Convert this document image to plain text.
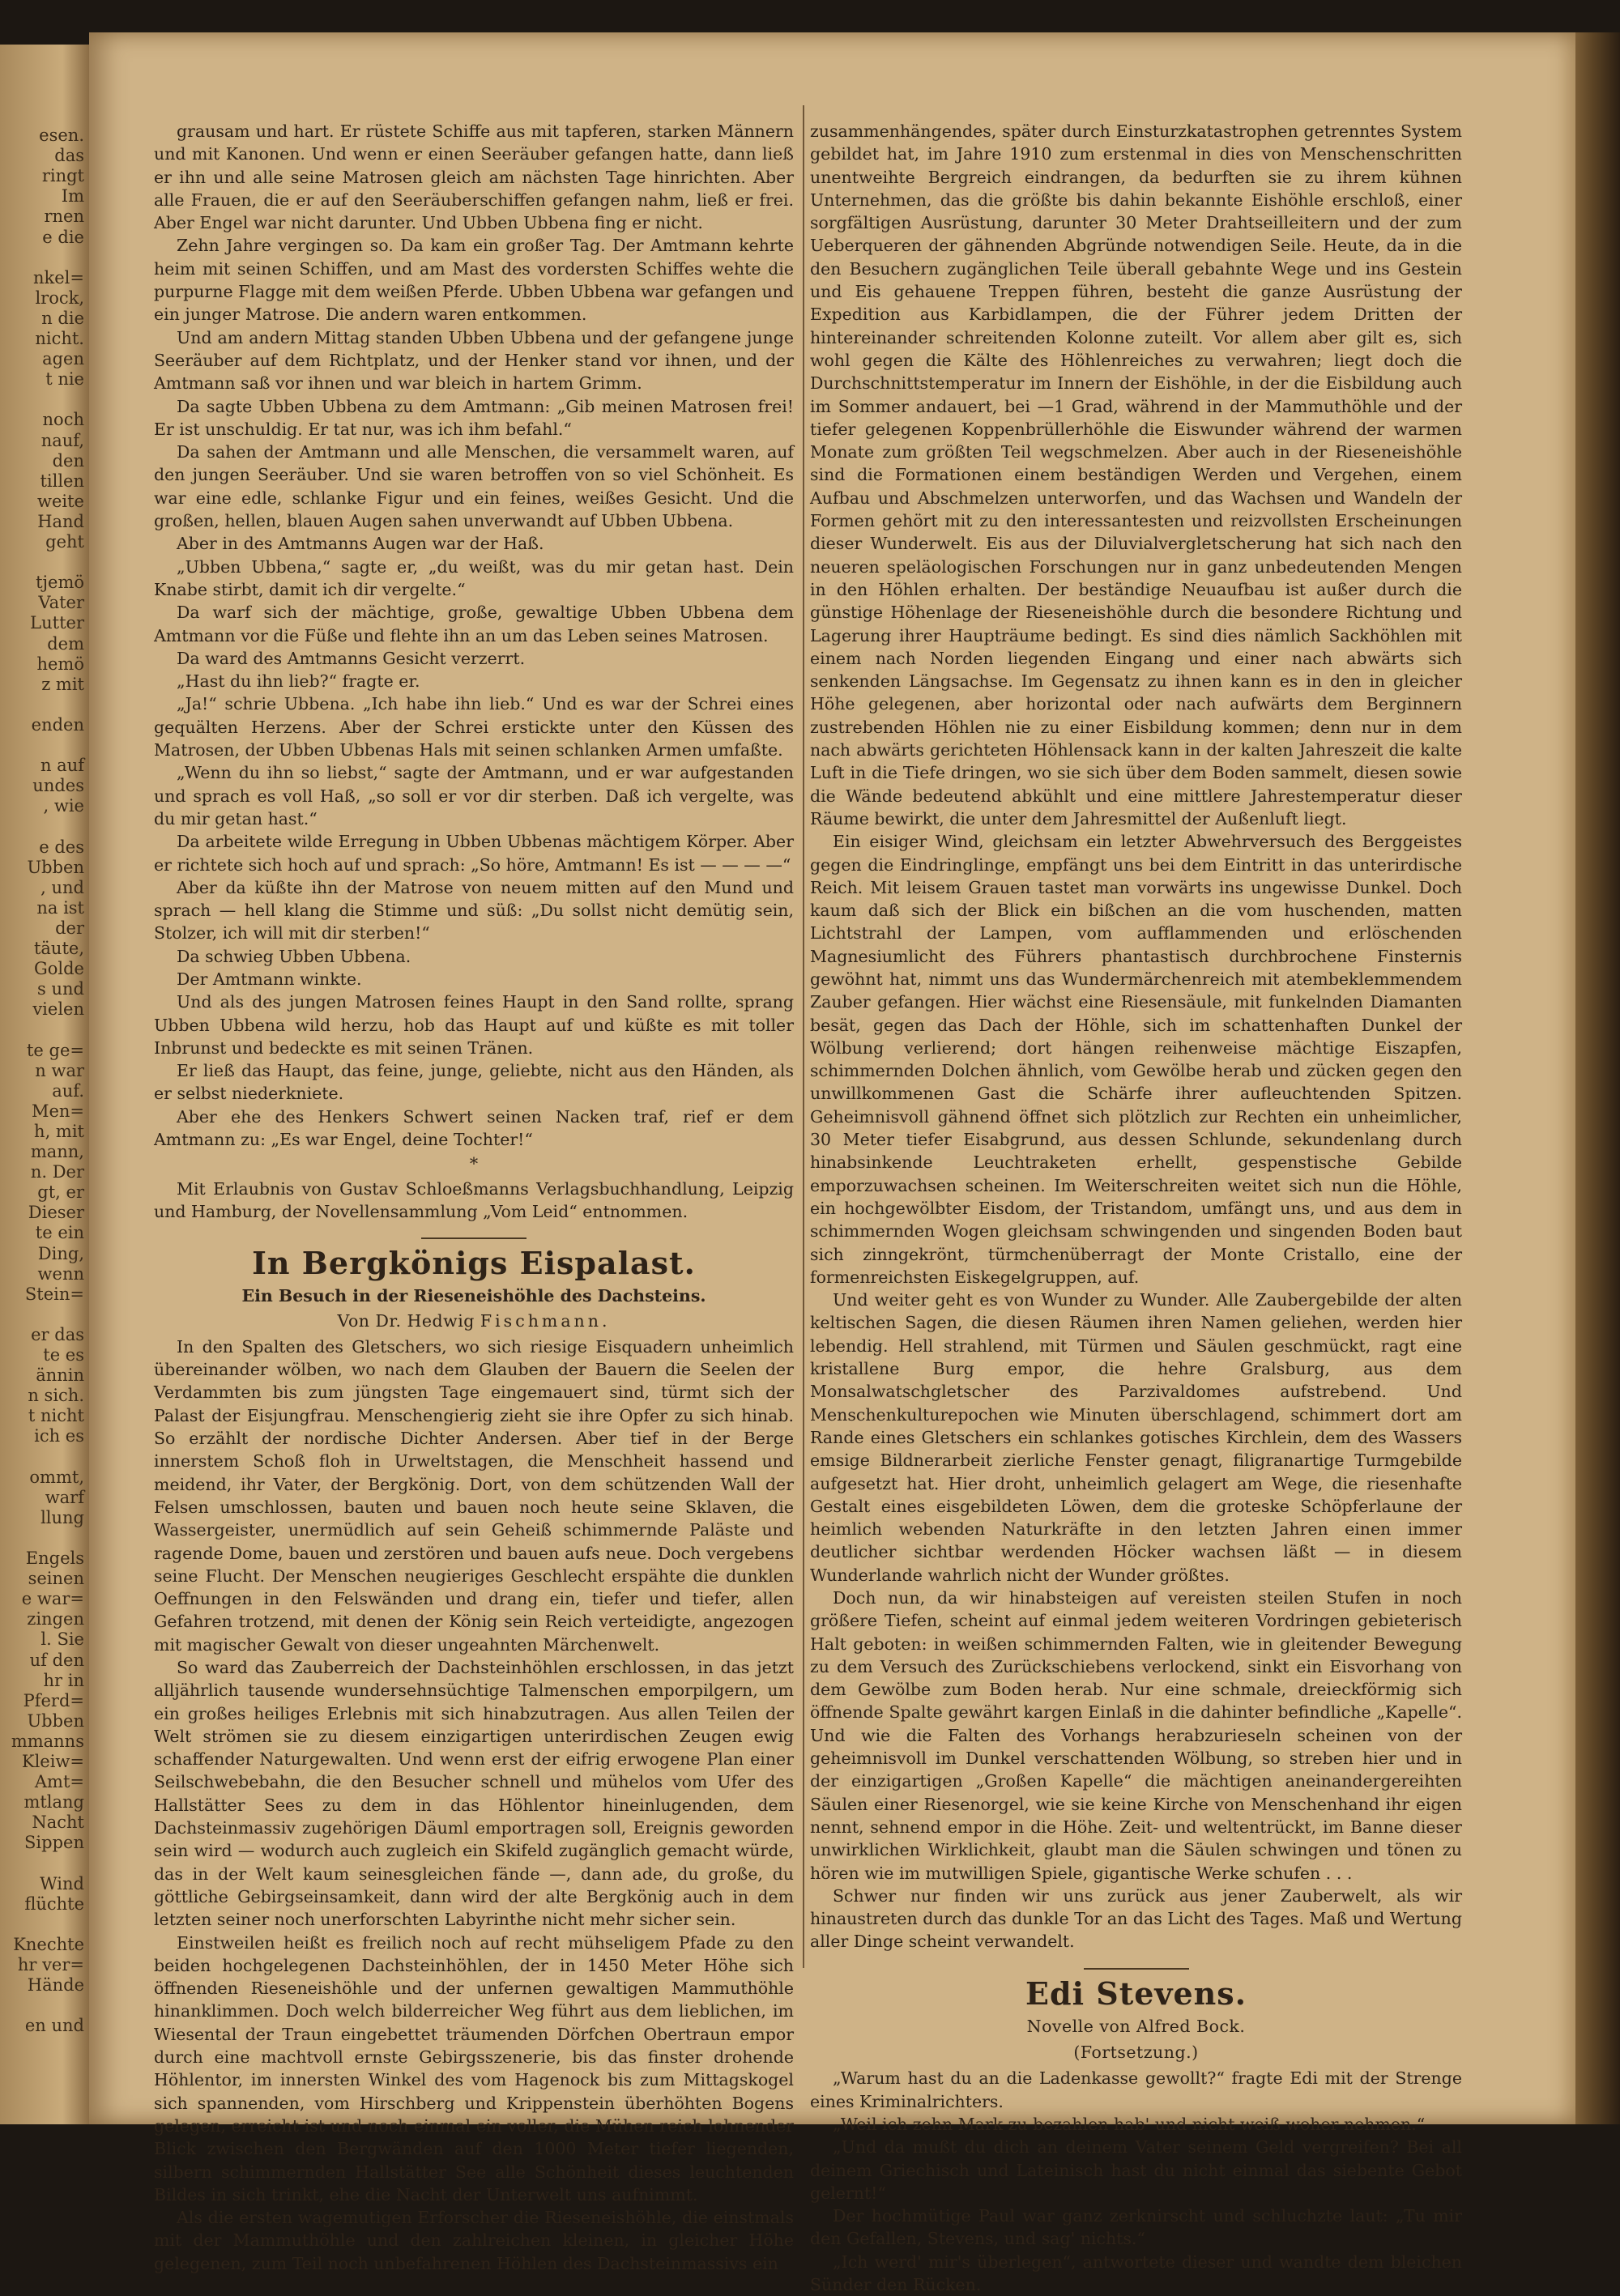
esen.
das
ringt
Im
rnen
e die
nkel=
lrock,
n die
nicht.
agen
t nie
noch
nauf,
den
tillen
weite
Hand
geht
tjemö
Vater
Lutter
dem
hemö
z mit
enden
n auf
undes
, wie
e des
Ubben
, und
na ist
der
täute,
Golde
s und
vielen
te ge=
n war
auf.
Men=
h, mit
mann,
n. Der
gt, er
Dieser
te ein
Ding,
wenn
Stein=
er das
te es
ännin
n sich.
t nicht
ich es
ommt,
warf
llung
Engels
seinen
e war=
zingen
l. Sie
uf den
hr in
Pferd=
Ubben
mmanns
Kleiw=
Amt=
mtlang
Nacht
Sippen
Wind
flüchte
Knechte
hr ver=
Hände
en und

grausam und hart. Er rüstete Schiffe aus mit tapferen, starken Männern und mit Kanonen. Und wenn er einen Seeräuber gefangen hatte, dann ließ er ihn und alle seine Matrosen gleich am nächsten Tage hinrichten. Aber alle Frauen, die er auf den Seeräuberschiffen gefangen nahm, ließ er frei. Aber Engel war nicht darunter. Und Ubben Ubbena fing er nicht.

Zehn Jahre vergingen so. Da kam ein großer Tag. Der Amtmann kehrte heim mit seinen Schiffen, und am Mast des vordersten Schiffes wehte die purpurne Flagge mit dem weißen Pferde. Ubben Ubbena war gefangen und ein junger Matrose. Die andern waren entkommen.

Und am andern Mittag standen Ubben Ubbena und der gefangene junge Seeräuber auf dem Richtplatz, und der Henker stand vor ihnen, und der Amtmann saß vor ihnen und war bleich in hartem Grimm.

Da sagte Ubben Ubbena zu dem Amtmann: „Gib meinen Matrosen frei! Er ist unschuldig. Er tat nur, was ich ihm befahl.“

Da sahen der Amtmann und alle Menschen, die versammelt waren, auf den jungen Seeräuber. Und sie waren betroffen von so viel Schönheit. Es war eine edle, schlanke Figur und ein feines, weißes Gesicht. Und die großen, hellen, blauen Augen sahen unverwandt auf Ubben Ubbena.

Aber in des Amtmanns Augen war der Haß.

„Ubben Ubbena,“ sagte er, „du weißt, was du mir getan hast. Dein Knabe stirbt, damit ich dir vergelte.“

Da warf sich der mächtige, große, gewaltige Ubben Ubbena dem Amtmann vor die Füße und flehte ihn an um das Leben seines Matrosen.

Da ward des Amtmanns Gesicht verzerrt.

„Hast du ihn lieb?“ fragte er.

„Ja!“ schrie Ubbena. „Ich habe ihn lieb.“ Und es war der Schrei eines gequälten Herzens. Aber der Schrei erstickte unter den Küssen des Matrosen, der Ubben Ubbenas Hals mit seinen schlanken Armen umfaßte.

„Wenn du ihn so liebst,“ sagte der Amtmann, und er war aufgestanden und sprach es voll Haß, „so soll er vor dir sterben. Daß ich vergelte, was du mir getan hast.“

Da arbeitete wilde Erregung in Ubben Ubbenas mächtigem Körper. Aber er richtete sich hoch auf und sprach: „So höre, Amtmann! Es ist — — — —“

Aber da küßte ihn der Matrose von neuem mitten auf den Mund und sprach — hell klang die Stimme und süß: „Du sollst nicht demütig sein, Stolzer, ich will mit dir sterben!“

Da schwieg Ubben Ubbena.

Der Amtmann winkte.

Und als des jungen Matrosen feines Haupt in den Sand rollte, sprang Ubben Ubbena wild herzu, hob das Haupt auf und küßte es mit toller Inbrunst und bedeckte es mit seinen Tränen.

Er ließ das Haupt, das feine, junge, geliebte, nicht aus den Händen, als er selbst niederkniete.

Aber ehe des Henkers Schwert seinen Nacken traf, rief er dem Amtmann zu: „Es war Engel, deine Tochter!“

*

Mit Erlaubnis von Gustav Schloeßmanns Verlagsbuchhandlung, Leipzig und Hamburg, der Novellensammlung „Vom Leid“ entnommen.

In Bergkönigs Eispalast.
Ein Besuch in der Rieseneishöhle des Dachsteins.
Von Dr. Hedwig Fischmann.

In den Spalten des Gletschers, wo sich riesige Eisquadern unheimlich übereinander wölben, wo nach dem Glauben der Bauern die Seelen der Verdammten bis zum jüngsten Tage eingemauert sind, türmt sich der Palast der Eisjungfrau. Menschengierig zieht sie ihre Opfer zu sich hinab. So erzählt der nordische Dichter Andersen. Aber tief in der Berge innerstem Schoß floh in Urweltstagen, die Menschheit hassend und meidend, ihr Vater, der Bergkönig. Dort, von dem schützenden Wall der Felsen umschlossen, bauten und bauen noch heute seine Sklaven, die Wassergeister, unermüdlich auf sein Geheiß schimmernde Paläste und ragende Dome, bauen und zerstören und bauen aufs neue. Doch vergebens seine Flucht. Der Menschen neugieriges Geschlecht erspähte die dunklen Oeffnungen in den Felswänden und drang ein, tiefer und tiefer, allen Gefahren trotzend, mit denen der König sein Reich verteidigte, angezogen mit magischer Gewalt von dieser ungeahnten Märchenwelt.

So ward das Zauberreich der Dachsteinhöhlen erschlossen, in das jetzt alljährlich tausende wundersehnsüchtige Talmenschen emporpilgern, um ein großes heiliges Erlebnis mit sich hinabzutragen. Aus allen Teilen der Welt strömen sie zu diesem einzigartigen unterirdischen Zeugen ewig schaffender Naturgewalten. Und wenn erst der eifrig erwogene Plan einer Seilschwebebahn, die den Besucher schnell und mühelos vom Ufer des Hallstätter Sees zu dem in das Höhlentor hineinlugenden, dem Dachsteinmassiv zugehörigen Däuml emportragen soll, Ereignis geworden sein wird — wodurch auch zugleich ein Skifeld zugänglich gemacht würde, das in der Welt kaum seinesgleichen fände —, dann ade, du große, du göttliche Gebirgseinsamkeit, dann wird der alte Bergkönig auch in dem letzten seiner noch unerforschten Labyrinthe nicht mehr sicher sein.

Einstweilen heißt es freilich noch auf recht mühseligem Pfade zu den beiden hochgelegenen Dachsteinhöhlen, der in 1450 Meter Höhe sich öffnenden Rieseneishöhle und der unfernen gewaltigen Mammuthöhle hinanklimmen. Doch welch bilderreicher Weg führt aus dem lieblichen, im Wiesental der Traun eingebettet träumenden Dörfchen Obertraun empor durch eine machtvoll ernste Gebirgsszenerie, bis das finster drohende Höhlentor, im innersten Winkel des vom Hagenock bis zum Mittagskogel sich spannenden, vom Hirschberg und Krippenstein überhöhten Bogens gelegen, erreicht ist und noch einmal ein voller, die Mühen reich lohnender Blick zwischen den Bergwänden auf den 1000 Meter tiefer liegenden, silbern schimmernden Hallstätter See alle Schönheit dieses leuchtenden Bildes in sich trinkt, ehe die Nacht der Unterwelt uns aufnimmt.

Als die ersten wagemutigen Erforscher die Rieseneishöhle, die einstmals mit der Mammuthöhle und den zahlreichen kleinen, in gleicher Höhe gelegenen, zum Teil noch unbefahrenen Höhlen des Dachsteinmassivs ein

zusammenhängendes, später durch Einsturzkatastrophen getrenntes System gebildet hat, im Jahre 1910 zum erstenmal in dies von Menschenschritten unentweihte Bergreich eindrangen, da bedurften sie zu ihrem kühnen Unternehmen, das die größte bis dahin bekannte Eishöhle erschloß, einer sorgfältigen Ausrüstung, darunter 30 Meter Drahtseilleitern und der zum Ueberqueren der gähnenden Abgründe notwendigen Seile. Heute, da in die den Besuchern zugänglichen Teile überall gebahnte Wege und ins Gestein und Eis gehauene Treppen führen, besteht die ganze Ausrüstung der Expedition aus Karbidlampen, die der Führer jedem Dritten der hintereinander schreitenden Kolonne zuteilt. Vor allem aber gilt es, sich wohl gegen die Kälte des Höhlenreiches zu verwahren; liegt doch die Durchschnittstemperatur im Innern der Eishöhle, in der die Eisbildung auch im Sommer andauert, bei —1 Grad, während in der Mammuthöhle und der tiefer gelegenen Koppenbrüllerhöhle die Eiswunder während der warmen Monate zum größten Teil wegschmelzen. Aber auch in der Rieseneishöhle sind die Formationen einem beständigen Werden und Vergehen, einem Aufbau und Abschmelzen unterworfen, und das Wachsen und Wandeln der Formen gehört mit zu den interessantesten und reizvollsten Erscheinungen dieser Wunderwelt. Eis aus der Diluvialvergletscherung hat sich nach den neueren speläologischen Forschungen nur in ganz unbedeutenden Mengen in den Höhlen erhalten. Der beständige Neuaufbau ist außer durch die günstige Höhenlage der Rieseneishöhle durch die besondere Richtung und Lagerung ihrer Haupträume bedingt. Es sind dies nämlich Sackhöhlen mit einem nach Norden liegenden Eingang und einer nach abwärts sich senkenden Längsachse. Im Gegensatz zu ihnen kann es in den in gleicher Höhe gelegenen, aber horizontal oder nach aufwärts dem Berginnern zustrebenden Höhlen nie zu einer Eisbildung kommen; denn nur in dem nach abwärts gerichteten Höhlensack kann in der kalten Jahreszeit die kalte Luft in die Tiefe dringen, wo sie sich über dem Boden sammelt, diesen sowie die Wände bedeutend abkühlt und eine mittlere Jahrestemperatur dieser Räume bewirkt, die unter dem Jahresmittel der Außenluft liegt.

Ein eisiger Wind, gleichsam ein letzter Abwehrversuch des Berggeistes gegen die Eindringlinge, empfängt uns bei dem Eintritt in das unterirdische Reich. Mit leisem Grauen tastet man vorwärts ins ungewisse Dunkel. Doch kaum daß sich der Blick ein bißchen an die vom huschenden, matten Lichtstrahl der Lampen, vom aufflammenden und erlöschenden Magnesiumlicht des Führers phantastisch durchbrochene Finsternis gewöhnt hat, nimmt uns das Wundermärchenreich mit atembeklemmendem Zauber gefangen. Hier wächst eine Riesensäule, mit funkelnden Diamanten besät, gegen das Dach der Höhle, sich im schattenhaften Dunkel der Wölbung verlierend; dort hängen reihenweise mächtige Eiszapfen, schimmernden Dolchen ähnlich, vom Gewölbe herab und zücken gegen den unwillkommenen Gast die Schärfe ihrer aufleuchtenden Spitzen. Geheimnisvoll gähnend öffnet sich plötzlich zur Rechten ein unheimlicher, 30 Meter tiefer Eisabgrund, aus dessen Schlunde, sekundenlang durch hinabsinkende Leuchtraketen erhellt, gespenstische Gebilde emporzuwachsen scheinen. Im Weiterschreiten weitet sich nun die Höhle, ein hochgewölbter Eisdom, der Tristandom, umfängt uns, und aus dem in schimmernden Wogen gleichsam schwingenden und singenden Boden baut sich zinngekrönt, türmchenüberragt der Monte Cristallo, eine der formenreichsten Eiskegelgruppen, auf.

Und weiter geht es von Wunder zu Wunder. Alle Zaubergebilde der alten keltischen Sagen, die diesen Räumen ihren Namen geliehen, werden hier lebendig. Hell strahlend, mit Türmen und Säulen geschmückt, ragt eine kristallene Burg empor, die hehre Gralsburg, aus dem Monsalwatschgletscher des Parzivaldomes aufstrebend. Und Menschenkulturepochen wie Minuten überschlagend, schimmert dort am Rande eines Gletschers ein schlankes gotisches Kirchlein, dem des Wassers emsige Bildnerarbeit zierliche Fenster genagt, filigranartige Turmgebilde aufgesetzt hat. Hier droht, unheimlich gelagert am Wege, die riesenhafte Gestalt eines eisgebildeten Löwen, dem die groteske Schöpferlaune der heimlich webenden Naturkräfte in den letzten Jahren einen immer deutlicher sichtbar werdenden Höcker wachsen läßt — in diesem Wunderlande wahrlich nicht der Wunder größtes.

Doch nun, da wir hinabsteigen auf vereisten steilen Stufen in noch größere Tiefen, scheint auf einmal jedem weiteren Vordringen gebieterisch Halt geboten: in weißen schimmernden Falten, wie in gleitender Bewegung zu dem Versuch des Zurückschiebens verlockend, sinkt ein Eisvorhang von dem Gewölbe zum Boden herab. Nur eine schmale, dreieckförmig sich öffnende Spalte gewährt kargen Einlaß in die dahinter befindliche „Kapelle“. Und wie die Falten des Vorhangs herabzurieseln scheinen von der geheimnisvoll im Dunkel verschattenden Wölbung, so streben hier und in der einzigartigen „Großen Kapelle“ die mächtigen aneinandergereihten Säulen einer Riesenorgel, wie sie keine Kirche von Menschenhand ihr eigen nennt, sehnend empor in die Höhe. Zeit- und weltentrückt, im Banne dieser unwirklichen Wirklichkeit, glaubt man die Säulen schwingen und tönen zu hören wie im mutwilligen Spiele, gigantische Werke schufen . . .

Schwer nur finden wir uns zurück aus jener Zauberwelt, als wir hinaustreten durch das dunkle Tor an das Licht des Tages. Maß und Wertung aller Dinge scheint verwandelt.

Edi Stevens.
Novelle von Alfred Bock.
(Fortsetzung.)

„Warum hast du an die Ladenkasse gewollt?“ fragte Edi mit der Strenge eines Kriminalrichters.

„Weil ich zehn Mark zu bezahlen hab' und nicht weiß woher nehmen.“

„Und da mußt du dich an deinem Vater seinem Geld vergreifen? Bei all deinem Griechisch und Lateinisch hast du nicht einmal das siebente Gebot gelernt!“

Der hochmütige Paul war ganz zerknirscht und schluchzte laut: „Tu mir den Gefallen, Stevens, und sag' nichts.“

„Ich werd' mir's überlegen“, antwortete dieser und wandte dem bleichen Sünder den Rücken.
